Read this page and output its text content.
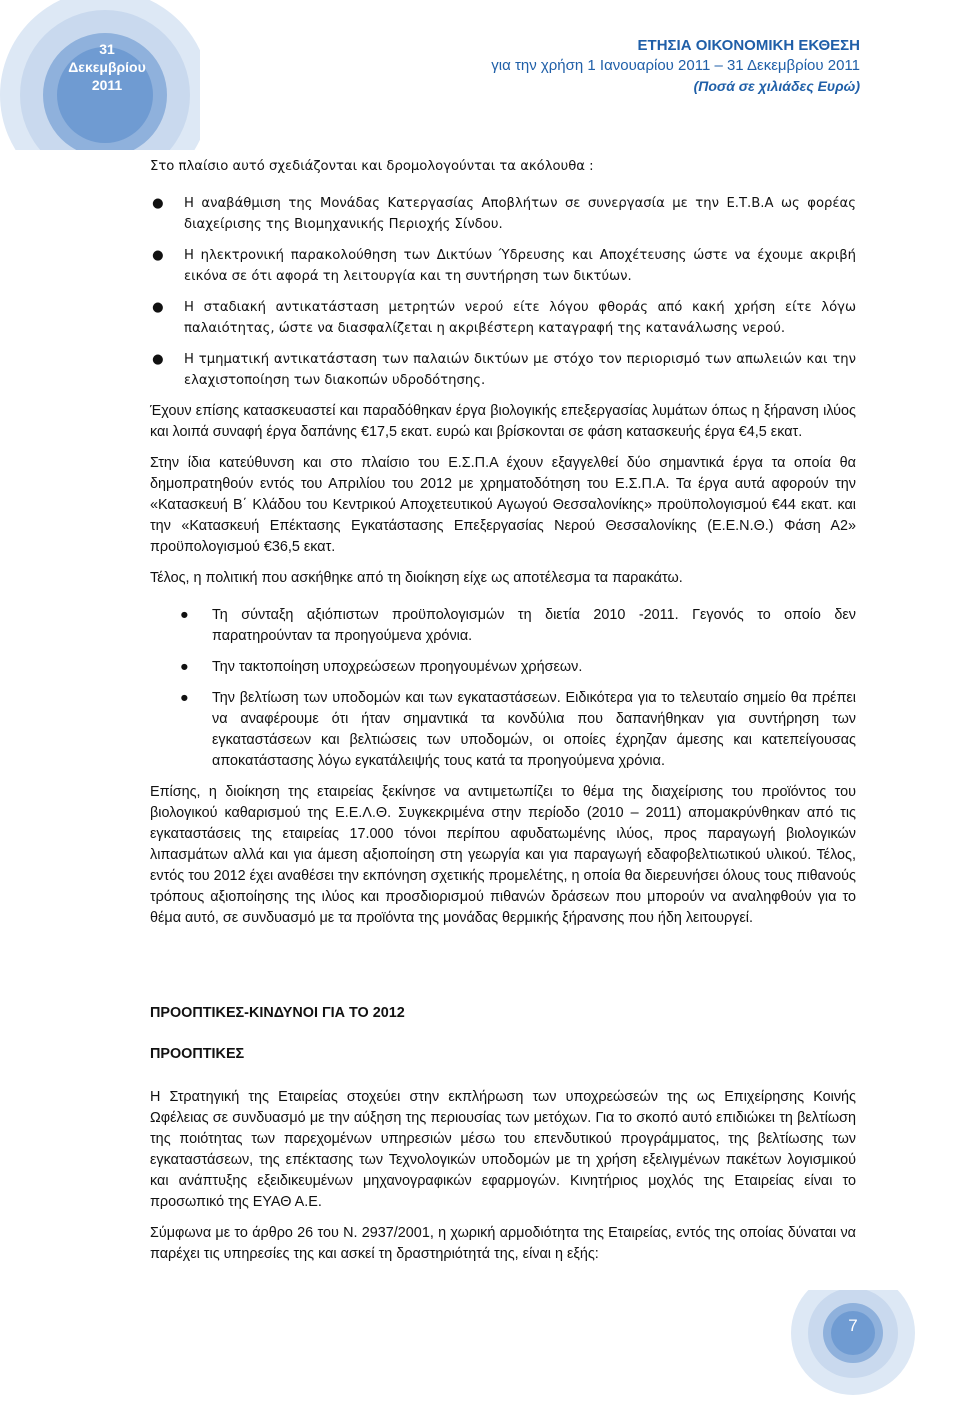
31
Δεκεμβρίου
2011
ΕΤΗΣΙΑ ΟΙΚΟΝΟΜΙΚΗ ΕΚΘΕΣΗ
για την χρήση 1 Ιανουαρίου 2011 – 31 Δεκεμβρίου 2011
(Ποσά σε χιλιάδες Ευρώ)

Στο πλαίσιο αυτό σχεδιάζονται και δρομολογούνται τα ακόλουθα :

● Η αναβάθμιση της Μονάδας Κατεργασίας Αποβλήτων σε συνεργασία με την Ε.Τ.Β.Α ως φορέας διαχείρισης της Βιομηχανικής Περιοχής Σίνδου.
● Η ηλεκτρονική παρακολούθηση των Δικτύων Ύδρευσης και Αποχέτευσης ώστε να έχουμε ακριβή εικόνα σε ότι αφορά τη λειτουργία και τη συντήρηση των δικτύων.
● Η σταδιακή αντικατάσταση μετρητών νερού είτε λόγου φθοράς από κακή χρήση είτε λόγω παλαιότητας, ώστε να διασφαλίζεται η ακριβέστερη καταγραφή της κατανάλωσης νερού.
● Η τμηματική αντικατάσταση των παλαιών δικτύων με στόχο τον περιορισμό των απωλειών και την ελαχιστοποίηση των διακοπών υδροδότησης.

Έχουν επίσης κατασκευαστεί και παραδόθηκαν έργα βιολογικής επεξεργασίας λυμάτων όπως η ξήρανση ιλύος και λοιπά συναφή έργα δαπάνης €17,5 εκατ. ευρώ και βρίσκονται σε φάση κατασκευής έργα €4,5 εκατ.

Στην ίδια κατεύθυνση και στο πλαίσιο του Ε.Σ.Π.Α έχουν εξαγγελθεί δύο σημαντικά έργα τα οποία θα δημοπρατηθούν εντός του Απριλίου του 2012 με χρηματοδότηση του Ε.Σ.Π.Α. Τα έργα αυτά αφορούν την «Κατασκευή Β΄ Κλάδου του Κεντρικού Αποχετευτικού Αγωγού Θεσσαλονίκης» προϋπολογισμού €44 εκατ. και την «Κατασκευή Επέκτασης Εγκατάστασης Επεξεργασίας Νερού Θεσσαλονίκης (Ε.Ε.Ν.Θ.) Φάση Α2» προϋπολογισμού €36,5 εκατ.

Τέλος, η πολιτική που ασκήθηκε από τη διοίκηση είχε ως αποτέλεσμα τα παρακάτω.

● Τη σύνταξη αξιόπιστων προϋπολογισμών τη διετία 2010 -2011. Γεγονός το οποίο δεν παρατηρούνταν τα προηγούμενα χρόνια.
● Την τακτοποίηση υποχρεώσεων προηγουμένων χρήσεων.
● Την βελτίωση των υποδομών και των εγκαταστάσεων. Ειδικότερα για το τελευταίο σημείο θα πρέπει να αναφέρουμε ότι ήταν σημαντικά τα κονδύλια που δαπανήθηκαν για συντήρηση των εγκαταστάσεων και βελτιώσεις των υποδομών, οι οποίες έχρηζαν άμεσης και κατεπείγουσας αποκατάστασης λόγω εγκατάλειψής τους κατά τα προηγούμενα χρόνια.

Επίσης, η διοίκηση της εταιρείας ξεκίνησε να αντιμετωπίζει το θέμα της διαχείρισης του προϊόντος του βιολογικού καθαρισμού της Ε.Ε.Λ.Θ. Συγκεκριμένα στην περίοδο (2010 – 2011) απομακρύνθηκαν από τις εγκαταστάσεις της εταιρείας 17.000 τόνοι περίπου αφυδατωμένης ιλύος, προς παραγωγή βιολογικών λιπασμάτων αλλά και για άμεση αξιοποίηση στη γεωργία και για παραγωγή εδαφοβελτιωτικού υλικού. Τέλος, εντός του 2012 έχει αναθέσει την εκπόνηση σχετικής προμελέτης, η οποία θα διερευνήσει όλους τους πιθανούς τρόπους αξιοποίησης της ιλύος και προσδιορισμού πιθανών δράσεων που μπορούν να αναληφθούν για το θέμα αυτό, σε συνδυασμό με τα προϊόντα της μονάδας θερμικής ξήρανσης που ήδη λειτουργεί.

ΠΡΟΟΠΤΙΚΕΣ-ΚΙΝΔΥΝΟΙ ΓΙΑ ΤΟ 2012

ΠΡΟΟΠΤΙΚΕΣ

Η Στρατηγική της Εταιρείας στοχεύει στην εκπλήρωση των υποχρεώσεών της ως Επιχείρησης Κοινής Ωφέλειας σε συνδυασμό με την αύξηση της περιουσίας των μετόχων. Για το σκοπό αυτό επιδιώκει τη βελτίωση της ποιότητας των παρεχομένων υπηρεσιών μέσω του επενδυτικού προγράμματος, της βελτίωσης των εγκαταστάσεων, της επέκτασης των Τεχνολογικών υποδομών με τη χρήση εξελιγμένων πακέτων λογισμικού και ανάπτυξης εξειδικευμένων μηχανογραφικών εφαρμογών. Κινητήριος μοχλός της Εταιρείας είναι το προσωπικό της ΕΥΑΘ Α.Ε.

Σύμφωνα με το άρθρο 26 του Ν. 2937/2001, η χωρική αρμοδιότητα της Εταιρείας, εντός της οποίας δύναται να παρέχει τις υπηρεσίες της και ασκεί τη δραστηριότητά της, είναι η εξής:

7
